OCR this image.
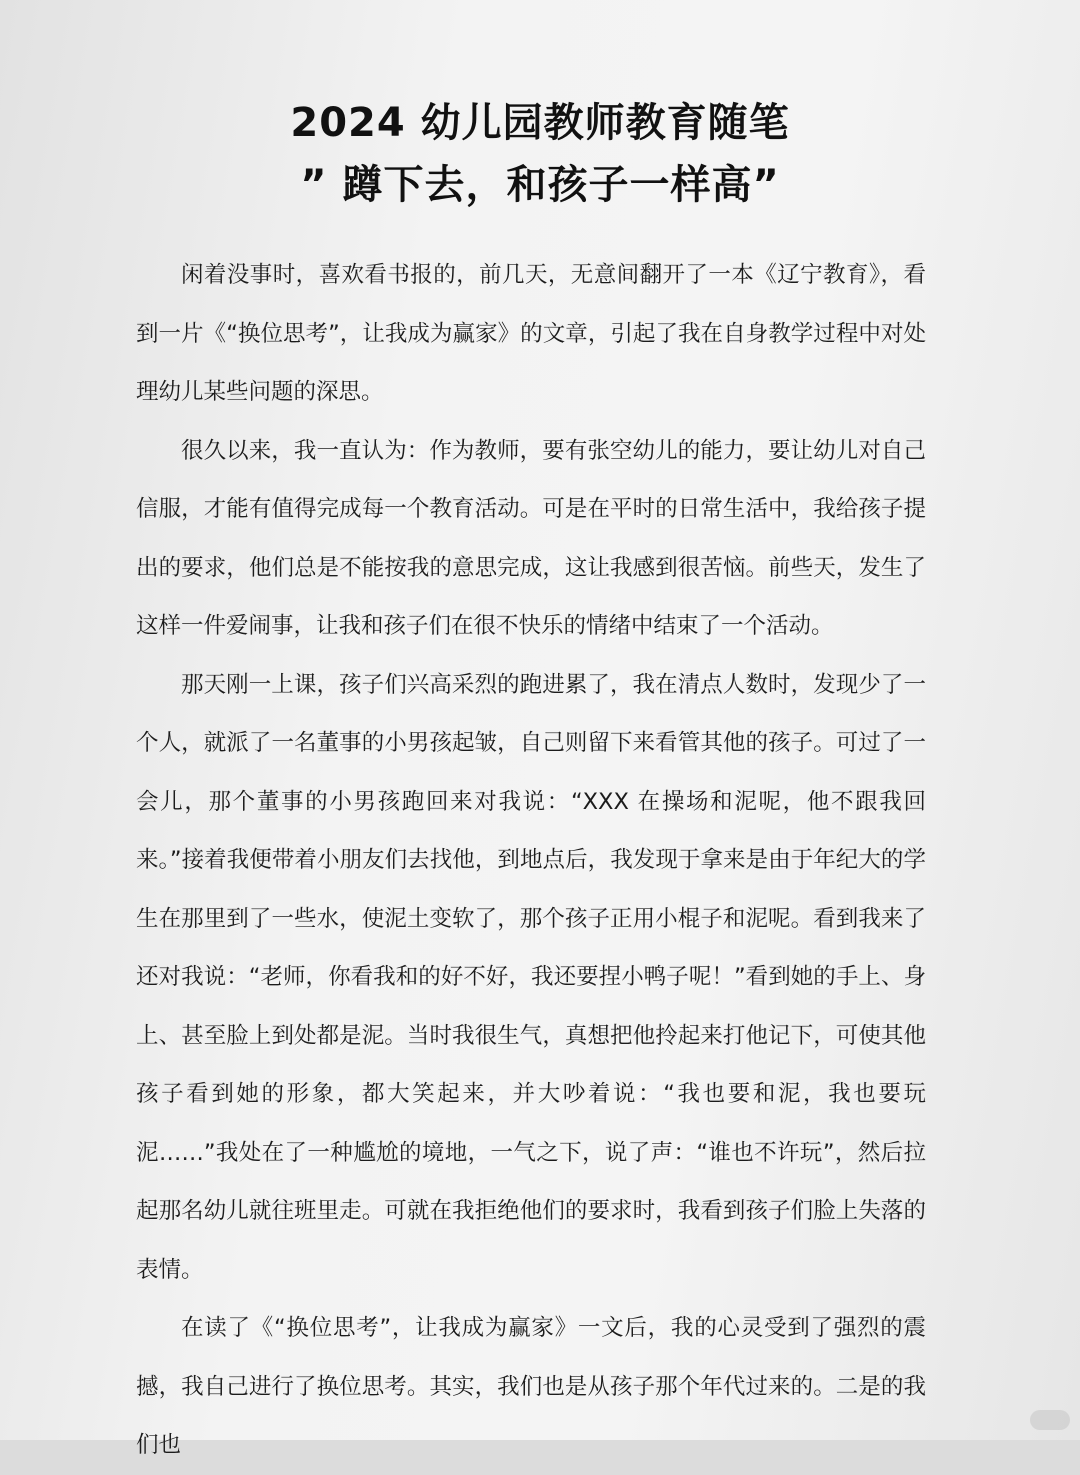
2024 幼儿园教师教育随笔
” 蹲下去，和孩子一样高”

闲着没事时，喜欢看书报的，前几天，无意间翻开了一本《辽宁教育》，看到一片《“换位思考”，让我成为赢家》的文章，引起了我在自身教学过程中对处理幼儿某些问题的深思。

很久以来，我一直认为：作为教师，要有张空幼儿的能力，要让幼儿对自己信服，才能有值得完成每一个教育活动。可是在平时的日常生活中，我给孩子提出的要求，他们总是不能按我的意思完成，这让我感到很苦恼。前些天，发生了这样一件爱闹事，让我和孩子们在很不快乐的情绪中结束了一个活动。

那天刚一上课，孩子们兴高采烈的跑进累了，我在清点人数时，发现少了一个人，就派了一名董事的小男孩起皱，自己则留下来看管其他的孩子。可过了一会儿，那个董事的小男孩跑回来对我说：“XXX 在操场和泥呢，他不跟我回来。”接着我便带着小朋友们去找他，到地点后，我发现于拿来是由于年纪大的学生在那里到了一些水，使泥土变软了，那个孩子正用小棍子和泥呢。看到我来了还对我说：“老师，你看我和的好不好，我还要捏小鸭子呢！”看到她的手上、身上、甚至脸上到处都是泥。当时我很生气，真想把他拎起来打他记下，可使其他孩子看到她的形象，都大笑起来，并大吵着说：“我也要和泥，我也要玩泥……”我处在了一种尴尬的境地，一气之下，说了声：“谁也不许玩”，然后拉起那名幼儿就往班里走。可就在我拒绝他们的要求时，我看到孩子们脸上失落的表情。

在读了《“换位思考”，让我成为赢家》一文后，我的心灵受到了强烈的震撼，我自己进行了换位思考。其实，我们也是从孩子那个年代过来的。二是的我们也
